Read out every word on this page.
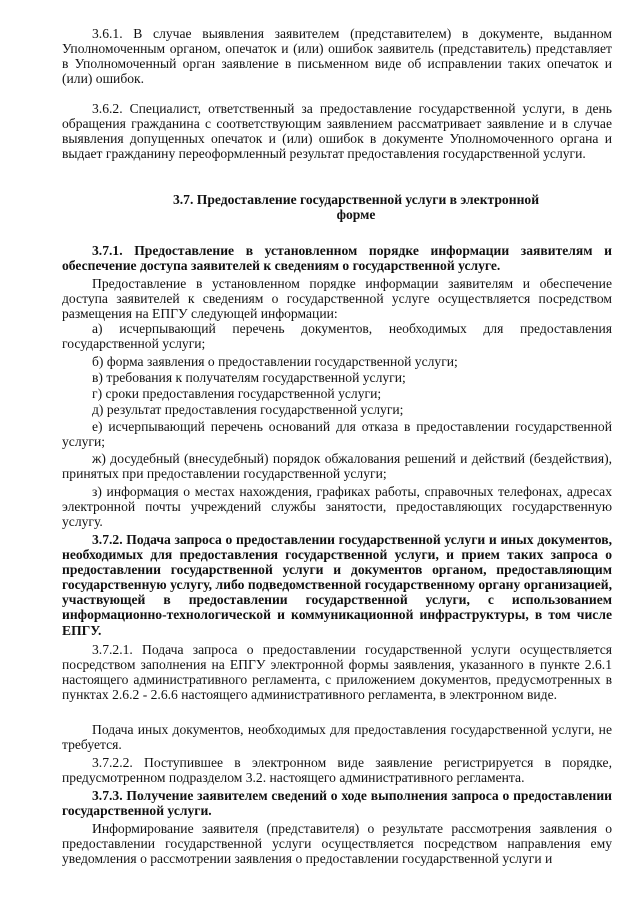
3.6.1. В случае выявления заявителем (представителем) в документе, выданном Уполномоченным органом, опечаток и (или) ошибок заявитель (представитель) представляет в Уполномоченный орган заявление в письменном виде об исправлении таких опечаток и (или) ошибок.

3.6.2. Специалист, ответственный за предоставление государственной услуги, в день обращения гражданина с соответствующим заявлением рассматривает заявление и в случае выявления допущенных опечаток и (или) ошибок в документе Уполномоченного органа и выдает гражданину переоформленный результат предоставления государственной услуги.

3.7. Предоставление государственной услуги в электронной форме

3.7.1. Предоставление в установленном порядке информации заявителям и обеспечение доступа заявителей к сведениям о государственной услуге.

Предоставление в установленном порядке информации заявителям и обеспечение доступа заявителей к сведениям о государственной услуге осуществляется посредством размещения на ЕПГУ следующей информации:

а) исчерпывающий перечень документов, необходимых для предоставления государственной услуги;

б) форма заявления о предоставлении государственной услуги;

в) требования к получателям государственной услуги;

г) сроки предоставления государственной услуги;

д) результат предоставления государственной услуги;

е) исчерпывающий перечень оснований для отказа в предоставлении государственной услуги;

ж) досудебный (внесудебный) порядок обжалования решений и действий (бездействия), принятых при предоставлении государственной услуги;

з) информация о местах нахождения, графиках работы, справочных телефонах, адресах электронной почты учреждений службы занятости, предоставляющих государственную услугу.

3.7.2. Подача запроса о предоставлении государственной услуги и иных документов, необходимых для предоставления государственной услуги, и прием таких запроса о предоставлении государственной услуги и документов органом, предоставляющим государственную услугу, либо подведомственной государственному органу организацией, участвующей в предоставлении государственной услуги, с использованием информационно-технологической и коммуникационной инфраструктуры, в том числе ЕПГУ.

3.7.2.1. Подача запроса о предоставлении государственной услуги осуществляется посредством заполнения на ЕПГУ электронной формы заявления, указанного в пункте 2.6.1 настоящего административного регламента, с приложением документов, предусмотренных в пунктах 2.6.2 - 2.6.6 настоящего административного регламента, в электронном виде.

Подача иных документов, необходимых для предоставления государственной услуги, не требуется.

3.7.2.2. Поступившее в электронном виде заявление регистрируется в порядке, предусмотренном подразделом 3.2. настоящего административного регламента.

3.7.3. Получение заявителем сведений о ходе выполнения запроса о предоставлении государственной услуги.

Информирование заявителя (представителя) о результате рассмотрения заявления о предоставлении государственной услуги осуществляется посредством направления ему уведомления о рассмотрении заявления о предоставлении государственной услуги и
